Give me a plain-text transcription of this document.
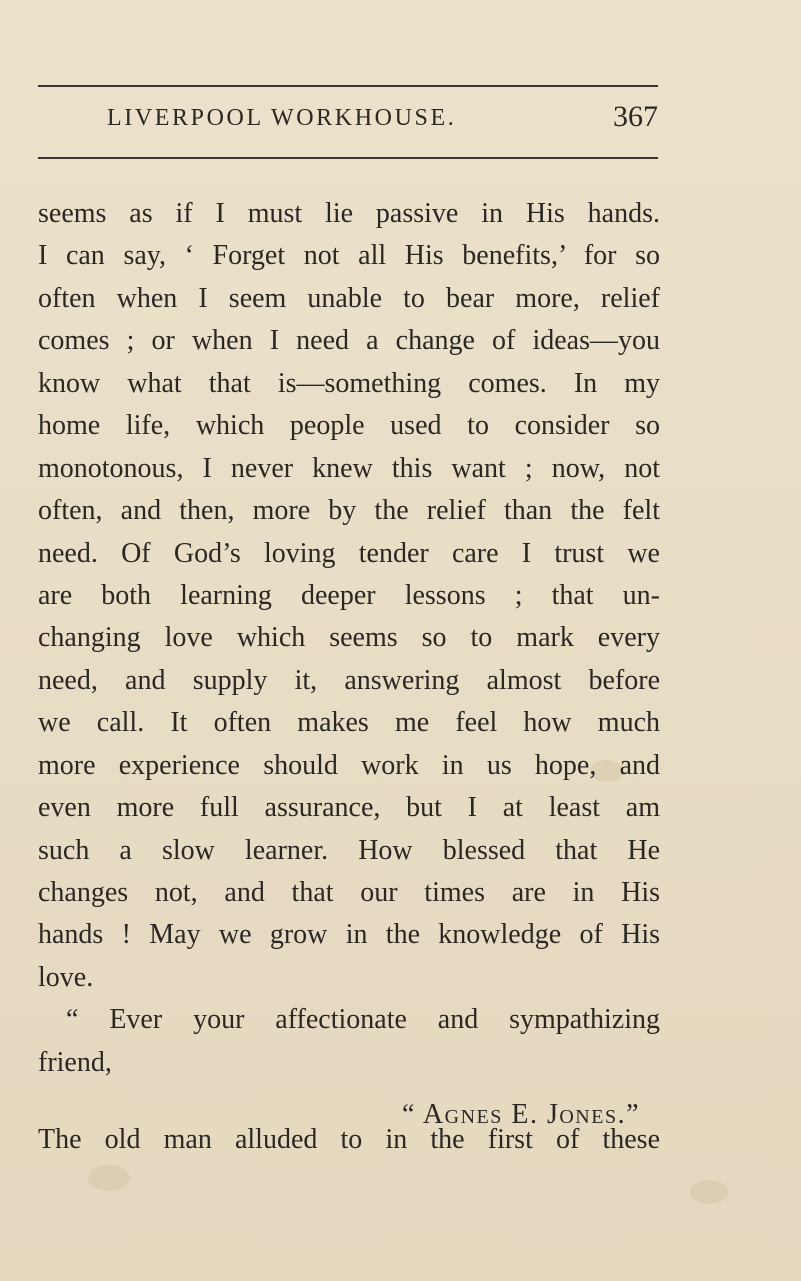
LIVERPOOL WORKHOUSE.	367
seems as if I must lie passive in His hands.
I can say, ‘ Forget not all His benefits,’ for so
often when I seem unable to bear more, relief
comes ; or when I need a change of ideas—you
know what that is—something comes. In my
home life, which people used to consider so
monotonous, I never knew this want ; now, not
often, and then, more by the relief than the felt
need. Of God’s loving tender care I trust we
are both learning deeper lessons ; that un-
changing love which seems so to mark every
need, and supply it, answering almost before
we call. It often makes me feel how much
more experience should work in us hope, and
even more full assurance, but I at least am
such a slow learner. How blessed that He
changes not, and that our times are in His
hands ! May we grow in the knowledge of His
love.
“ Ever your affectionate and sympathizing
friend,
“ Agnes E. Jones.”
The old man alluded to in the first of these
